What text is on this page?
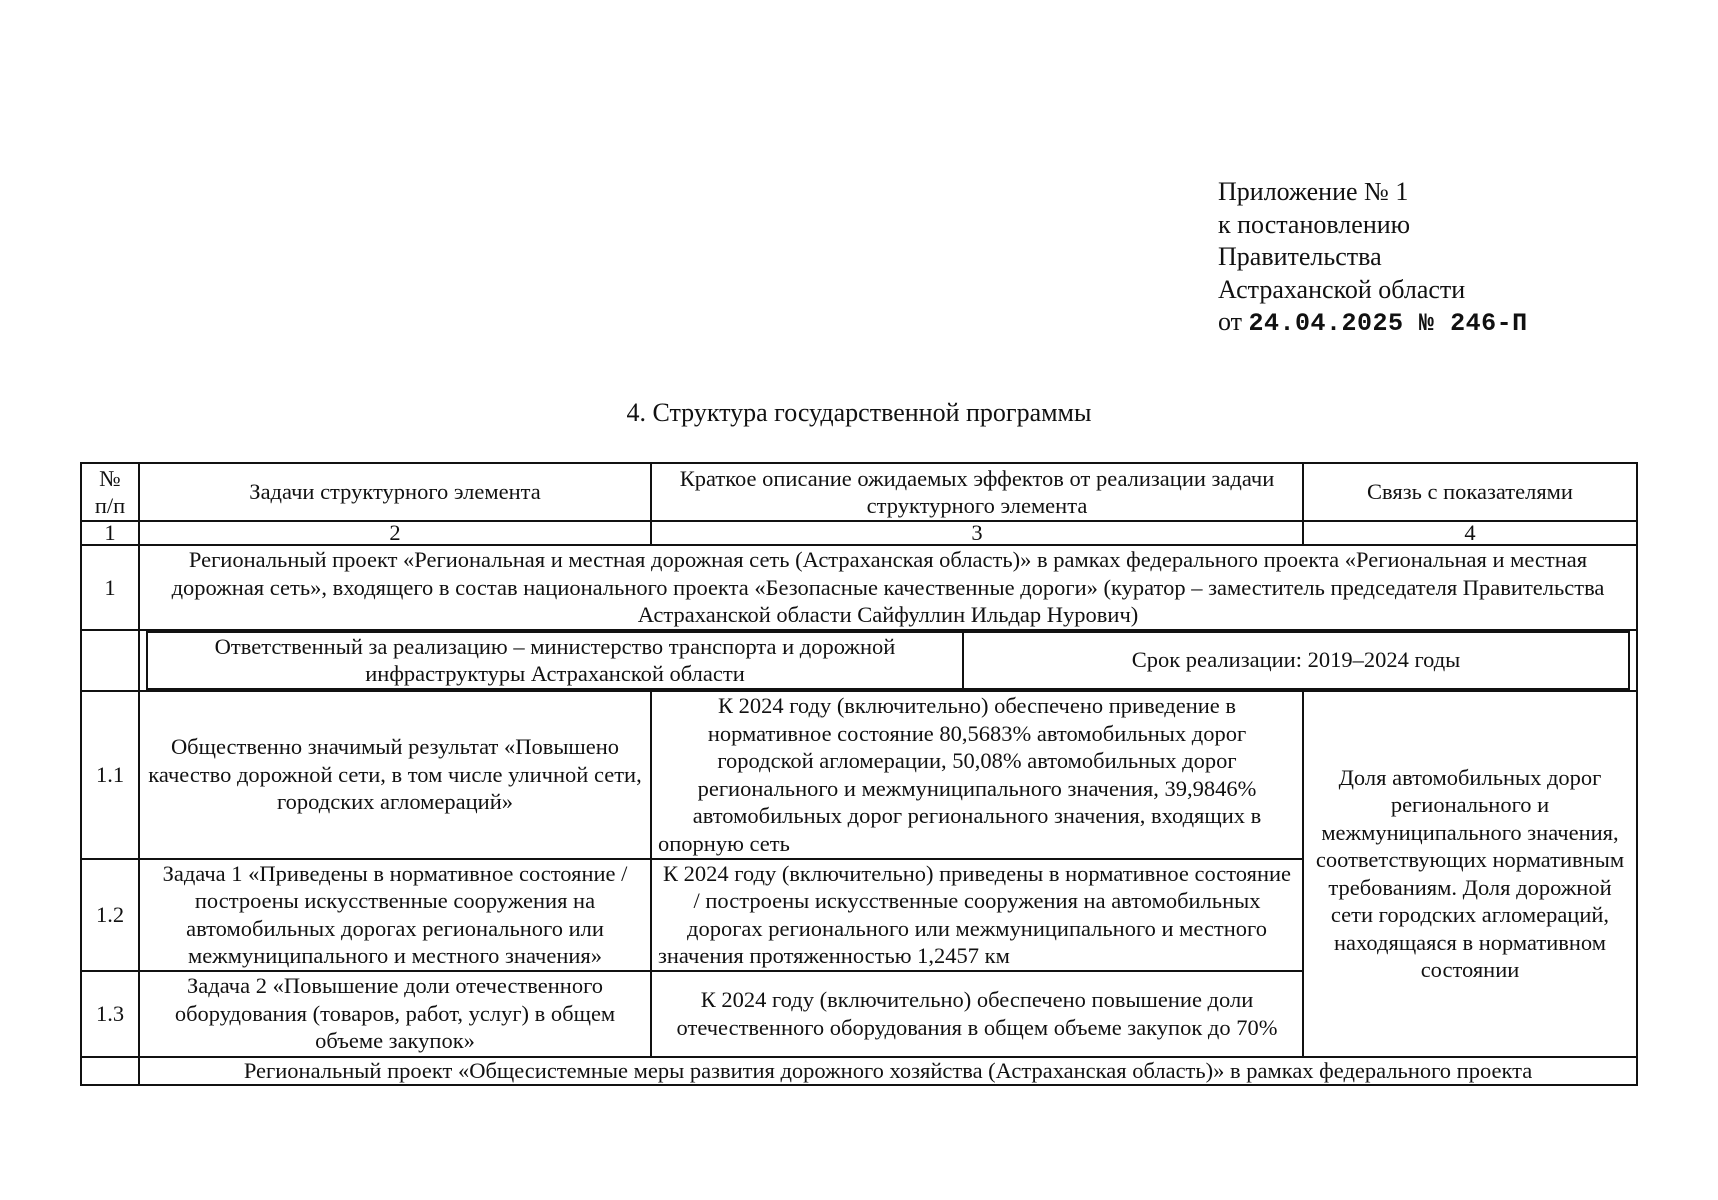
Приложение № 1
к постановлению
Правительства
Астраханской области
от 24.04.2025 № 246-П
4. Структура государственной программы
№ п/п	Задачи структурного элемента	Краткое описание ожидаемых эффектов от реализации задачи структурного элемента	Связь с показателями
1	2	3	4
1	Региональный проект «Региональная и местная дорожная сеть (Астраханская область)» в рамках федерального проекта «Региональная и местная дорожная сеть», входящего в состав национального проекта «Безопасные качественные дороги» (куратор – заместитель председателя Правительства Астраханской области Сайфуллин Ильдар Нурович)

Ответственный за реализацию – министерство транспорта и дорожной инфраструктуры Астраханской области	Срок реализации: 2019–2024 годы

1.1	Общественно значимый результат «Повышено качество дорожной сети, в том числе уличной сети, городских агломераций»	К 2024 году (включительно) обеспечено приведение в нормативное состояние 80,5683% автомобильных дорог городской агломерации, 50,08% автомобильных дорог регионального и межмуниципального значения, 39,9846% автомобильных дорог регионального значения, входящих в опорную сеть	Доля автомобильных дорог регионального и межмуниципального значения, соответствующих нормативным требованиям. Доля дорожной сети городских агломераций, находящаяся в нормативном состоянии
1.2	Задача 1 «Приведены в нормативное состояние / построены искусственные сооружения на автомобильных дорогах регионального или межмуниципального и местного значения»	К 2024 году (включительно) приведены в нормативное состояние / построены искусственные сооружения на автомобильных дорогах регионального или межмуниципального и местного значения протяженностью 1,2457 км
1.3	Задача 2 «Повышение доли отечественного оборудования (товаров, работ, услуг) в общем объеме закупок»	К 2024 году (включительно) обеспечено повышение доли отечественного оборудования в общем объеме закупок до 70%
	Региональный проект «Общесистемные меры развития дорожного хозяйства (Астраханская область)» в рамках федерального проекта
